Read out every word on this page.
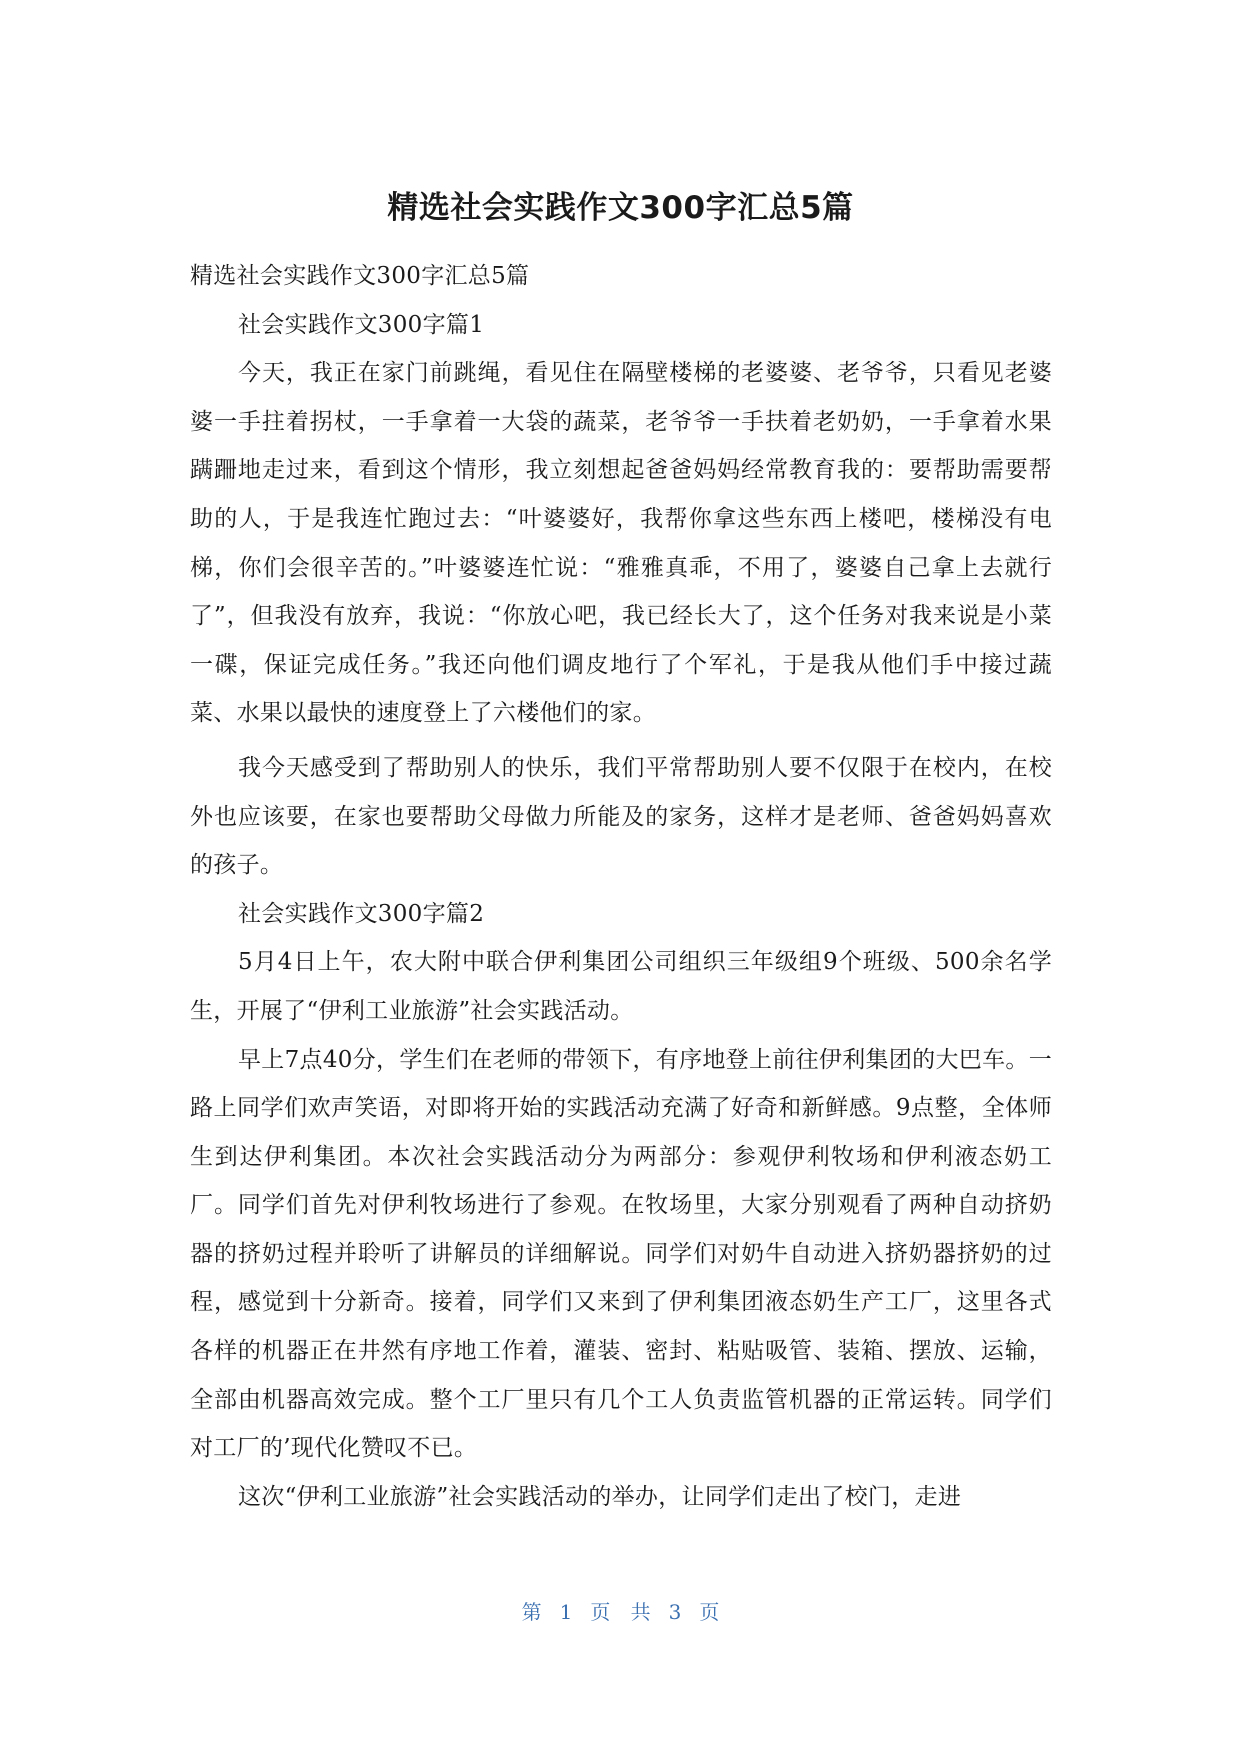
精选社会实践作文300字汇总5篇

精选社会实践作文300字汇总5篇

社会实践作文300字篇1

今天，我正在家门前跳绳，看见住在隔壁楼梯的老婆婆、老爷爷，只看见老婆婆一手拄着拐杖，一手拿着一大袋的蔬菜，老爷爷一手扶着老奶奶，一手拿着水果蹒跚地走过来，看到这个情形，我立刻想起爸爸妈妈经常教育我的：要帮助需要帮助的人，于是我连忙跑过去：“叶婆婆好，我帮你拿这些东西上楼吧，楼梯没有电梯，你们会很辛苦的。”叶婆婆连忙说：“雅雅真乖，不用了，婆婆自己拿上去就行了”，但我没有放弃，我说：“你放心吧，我已经长大了，这个任务对我来说是小菜一碟，保证完成任务。”我还向他们调皮地行了个军礼，于是我从他们手中接过蔬菜、水果以最快的速度登上了六楼他们的家。

我今天感受到了帮助别人的快乐，我们平常帮助别人要不仅限于在校内，在校外也应该要，在家也要帮助父母做力所能及的家务，这样才是老师、爸爸妈妈喜欢的孩子。

社会实践作文300字篇2

5月4日上午，农大附中联合伊利集团公司组织三年级组9个班级、500余名学生，开展了“伊利工业旅游”社会实践活动。

早上7点40分，学生们在老师的带领下，有序地登上前往伊利集团的大巴车。一路上同学们欢声笑语，对即将开始的实践活动充满了好奇和新鲜感。9点整，全体师生到达伊利集团。本次社会实践活动分为两部分：参观伊利牧场和伊利液态奶工厂。同学们首先对伊利牧场进行了参观。在牧场里，大家分别观看了两种自动挤奶器的挤奶过程并聆听了讲解员的详细解说。同学们对奶牛自动进入挤奶器挤奶的过程，感觉到十分新奇。接着，同学们又来到了伊利集团液态奶生产工厂，这里各式各样的机器正在井然有序地工作着，灌装、密封、粘贴吸管、装箱、摆放、运输，全部由机器高效完成。整个工厂里只有几个工人负责监管机器的正常运转。同学们对工厂的’现代化赞叹不已。

这次“伊利工业旅游”社会实践活动的举办，让同学们走出了校门，走进

第 1 页 共 3 页
